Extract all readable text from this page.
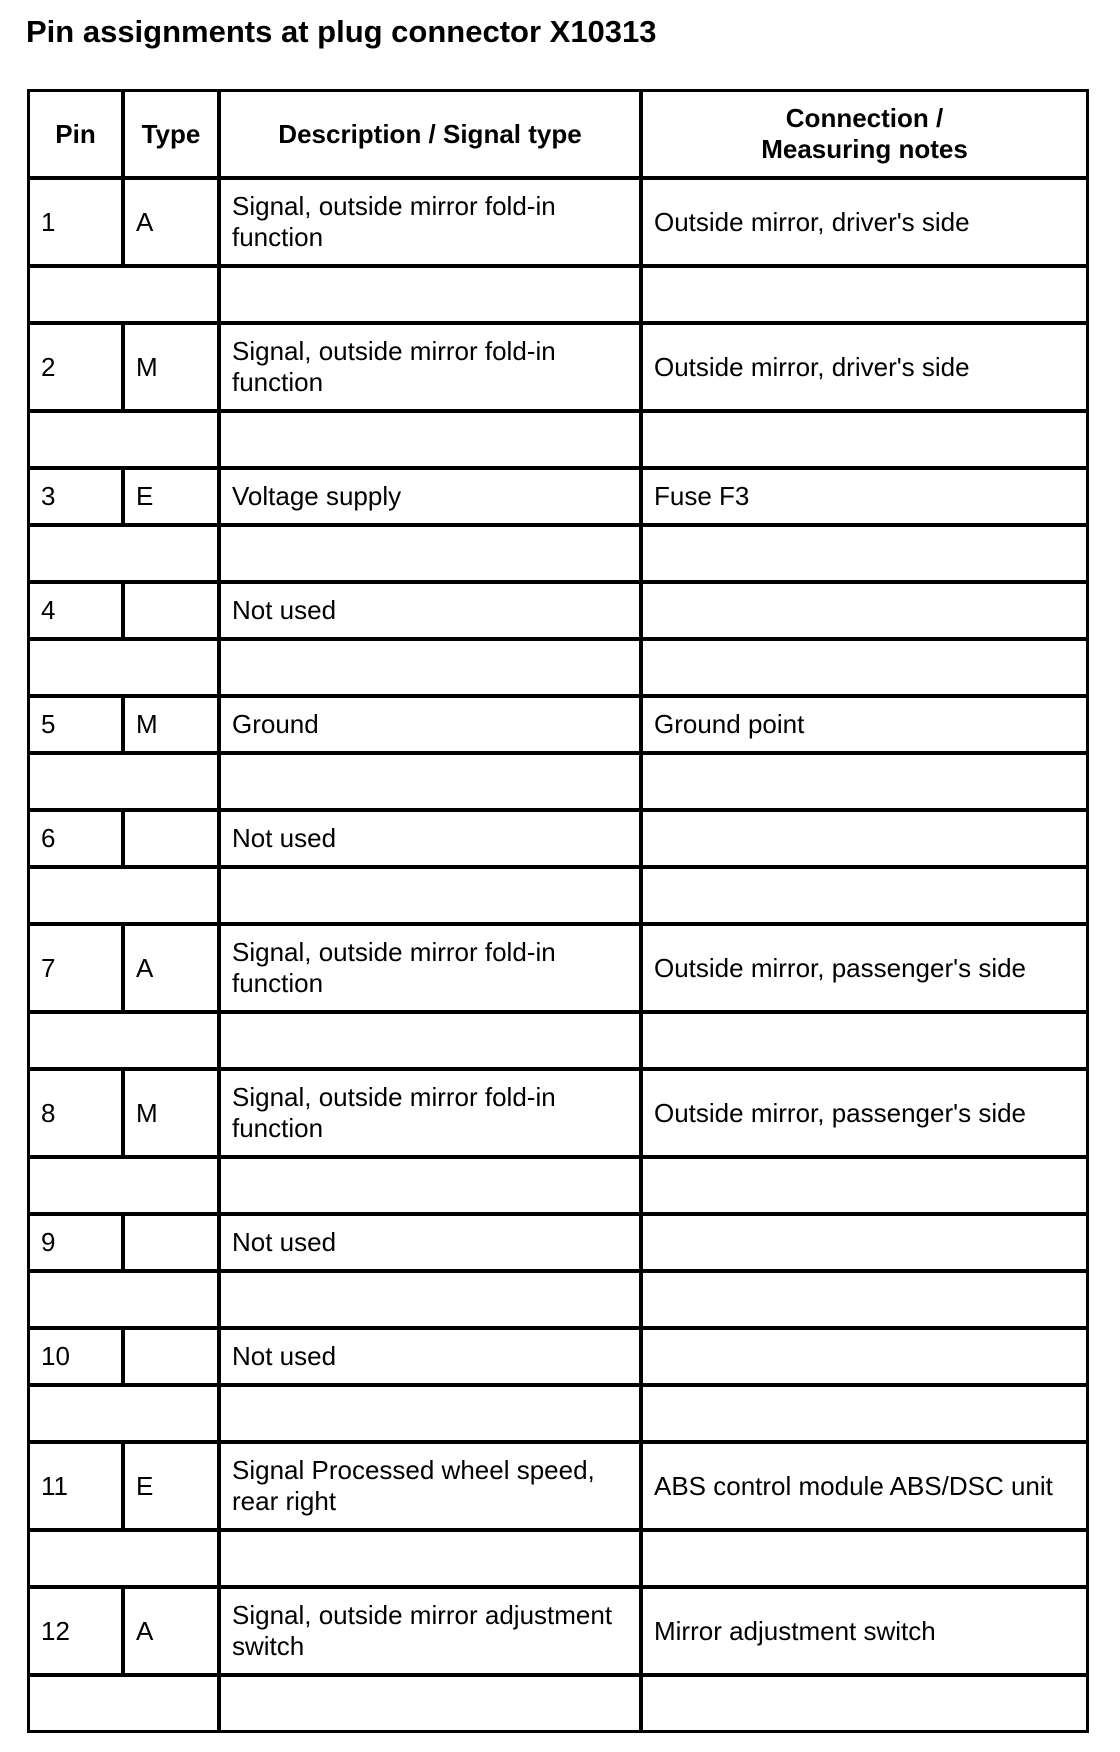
Pin assignments at plug connector X10313
Pin	Type	Description / Signal type	Connection /
Measuring notes
1	A	Signal, outside mirror fold-in function	Outside mirror, driver's side

2	M	Signal, outside mirror fold-in function	Outside mirror, driver's side

3	E	Voltage supply	Fuse F3

4		Not used	

5	M	Ground	Ground point

6		Not used	

7	A	Signal, outside mirror fold-in function	Outside mirror, passenger's side

8	M	Signal, outside mirror fold-in function	Outside mirror, passenger's side

9		Not used	

10		Not used	

11	E	Signal Processed wheel speed, rear right	ABS control module ABS/DSC unit

12	A	Signal, outside mirror adjustment switch	Mirror adjustment switch
